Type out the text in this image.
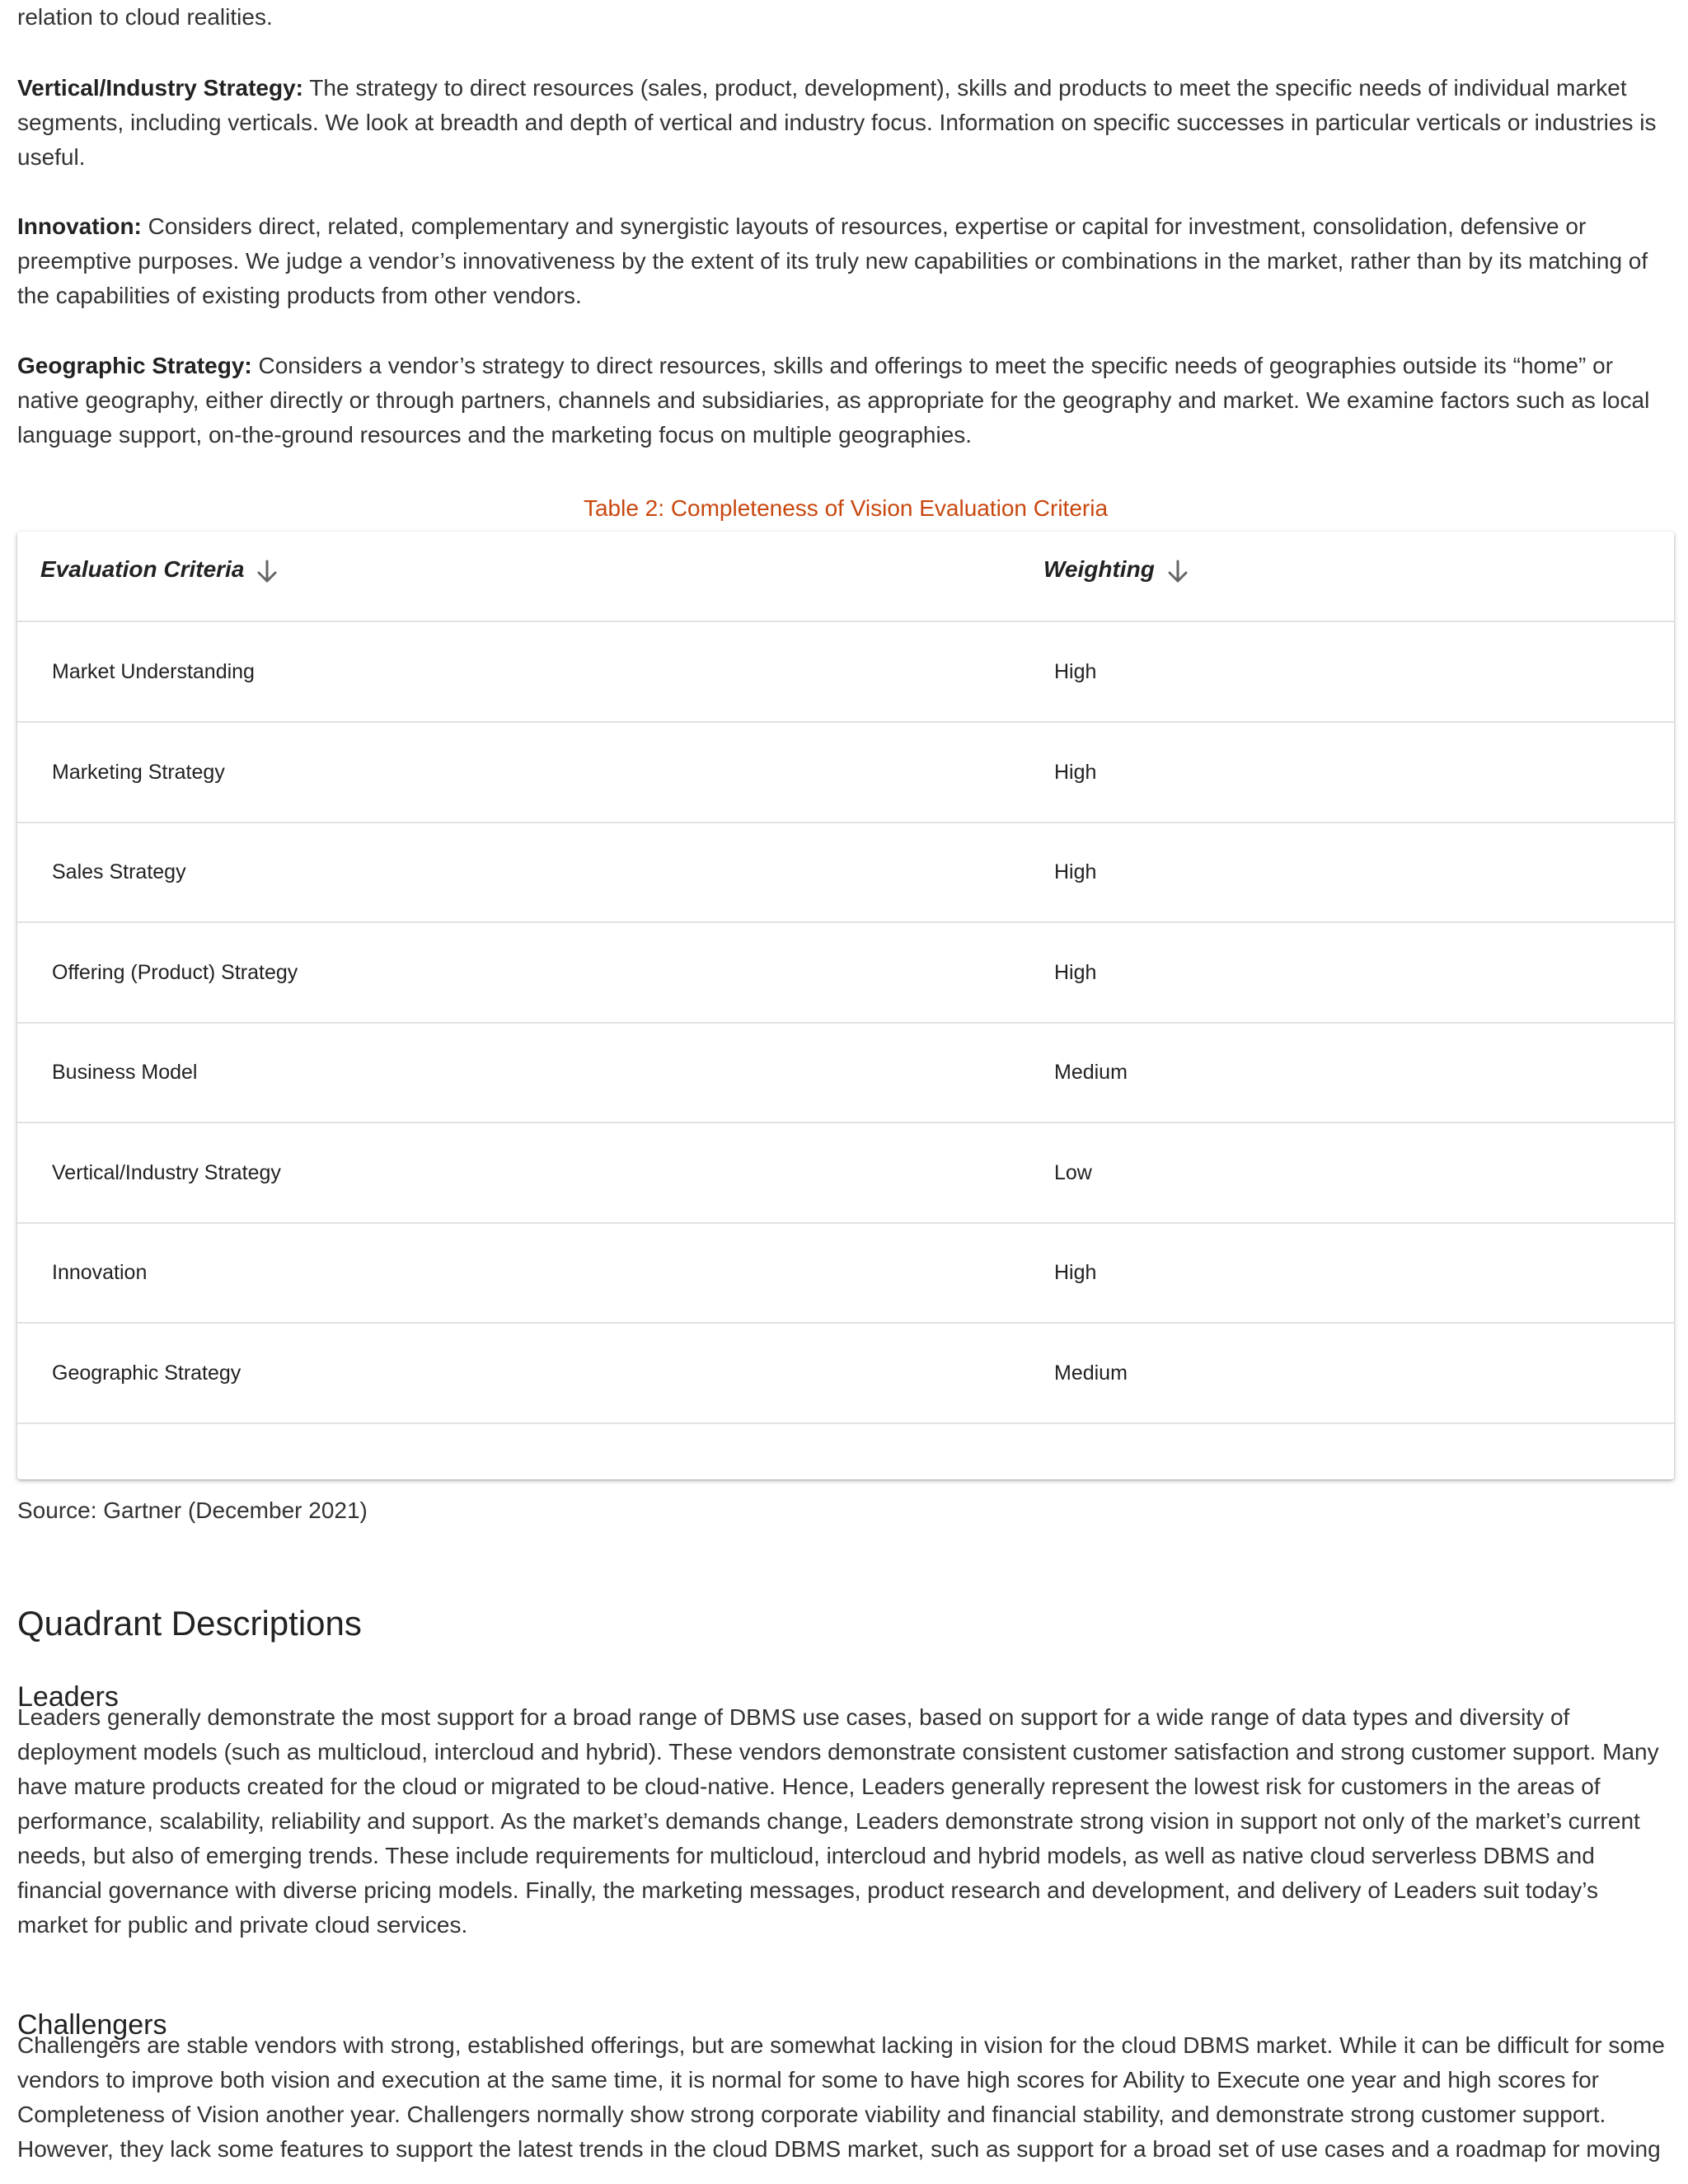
relation to cloud realities.

Vertical/Industry Strategy: The strategy to direct resources (sales, product, development), skills and products to meet the specific needs of individual market segments, including verticals. We look at breadth and depth of vertical and industry focus. Information on specific successes in particular verticals or industries is useful.

Innovation: Considers direct, related, complementary and synergistic layouts of resources, expertise or capital for investment, consolidation, defensive or preemptive purposes. We judge a vendor’s innovativeness by the extent of its truly new capabilities or combinations in the market, rather than by its matching of the capabilities of existing products from other vendors.

Geographic Strategy: Considers a vendor’s strategy to direct resources, skills and offerings to meet the specific needs of geographies outside its “home” or native geography, either directly or through partners, channels and subsidiaries, as appropriate for the geography and market. We examine factors such as local language support, on-the-ground resources and the marketing focus on multiple geographies.

Table 2: Completeness of Vision Evaluation Criteria
Evaluation Criteria	Weighting
Market Understanding	High
Marketing Strategy	High
Sales Strategy	High
Offering (Product) Strategy	High
Business Model	Medium
Vertical/Industry Strategy	Low
Innovation	High
Geographic Strategy	Medium

Source: Gartner (December 2021)

Quadrant Descriptions
Leaders

Leaders generally demonstrate the most support for a broad range of DBMS use cases, based on support for a wide range of data types and diversity of deployment models (such as multicloud, intercloud and hybrid). These vendors demonstrate consistent customer satisfaction and strong customer support. Many have mature products created for the cloud or migrated to be cloud-native. Hence, Leaders generally represent the lowest risk for customers in the areas of performance, scalability, reliability and support. As the market’s demands change, Leaders demonstrate strong vision in support not only of the market’s current needs, but also of emerging trends. These include requirements for multicloud, intercloud and hybrid models, as well as native cloud serverless DBMS and financial governance with diverse pricing models. Finally, the marketing messages, product research and development, and delivery of Leaders suit today’s market for public and private cloud services.

Challengers

Challengers are stable vendors with strong, established offerings, but are somewhat lacking in vision for the cloud DBMS market. While it can be difficult for some vendors to improve both vision and execution at the same time, it is normal for some to have high scores for Ability to Execute one year and high scores for Completeness of Vision another year. Challengers normally show strong corporate viability and financial stability, and demonstrate strong customer support. However, they lack some features to support the latest trends in the cloud DBMS market, such as support for a broad set of use cases and a roadmap for moving
